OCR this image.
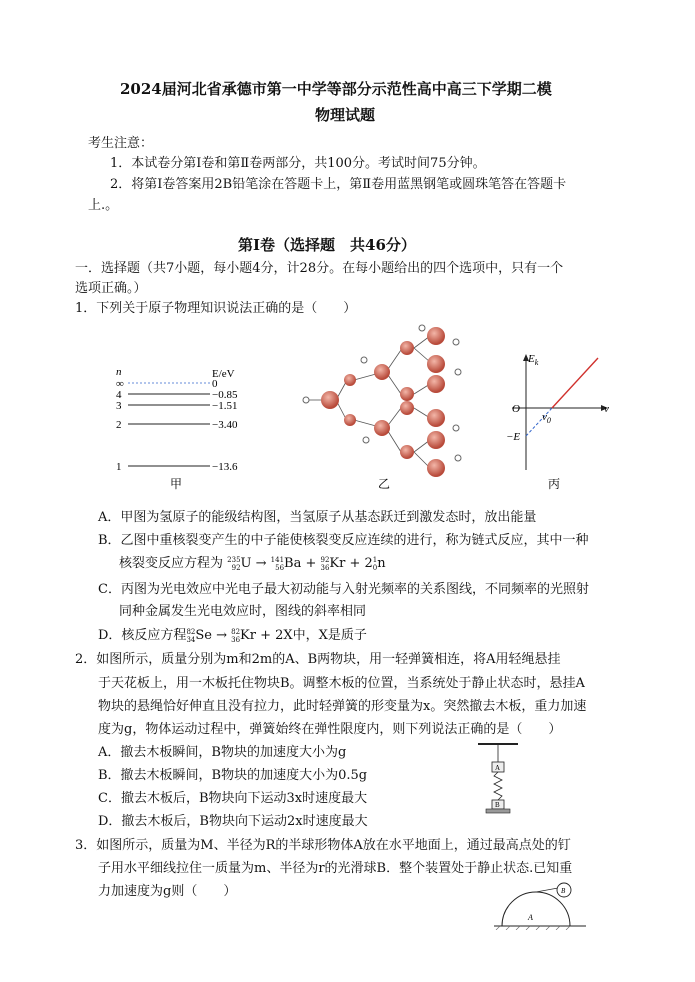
2024届河北省承德市第一中学等部分示范性高中高三下学期二模
物理试题
考生注意：
1．本试卷分第Ⅰ卷和第Ⅱ卷两部分，共100分。考试时间75分钟。
2．将第Ⅰ卷答案用2B铅笔涂在答题卡上，第Ⅱ卷用蓝黑钢笔或圆珠笔答在答题卡
上.。
第Ⅰ卷（选择题　共46分）
一．选择题（共7小题，每小题4分，计28分。在每小题给出的四个选项中，只有一个
选项正确。）
1．下列关于原子物理知识说法正确的是（　　）
n	E/eV
∞	0
4	−0.85
3	−1.51
2	−3.40
1	−13.6
甲	乙
$E_k$
v
O
$v_0$
−E
丙
A．甲图为氢原子的能级结构图，当氢原子从基态跃迁到激发态时，放出能量
B．乙图中重核裂变产生的中子能使核裂变反应连续的进行，称为链式反应，其中一种
核裂变反应方程为 235
92 U → 141
56 Ba + 92
36 Kr + 2 1
0 n
C．丙图为光电效应中光电子最大初动能与入射光频率的关系图线，不同频率的光照射
同种金属发生光电效应时，图线的斜率相同
D．核反应方程 82
34 Se → 82
36 Kr + 2X中，X是质子
2．如图所示，质量分别为m和2m的A、B两物块，用一轻弹簧相连，将A用轻绳悬挂
于天花板上，用一木板托住物块B。调整木板的位置，当系统处于静止状态时，悬挂A
物块的悬绳恰好伸直且没有拉力，此时轻弹簧的形变量为x。突然撤去木板，重力加速
度为g，物体运动过程中，弹簧始终在弹性限度内，则下列说法正确的是（　　）
A．撤去木板瞬间，B物块的加速度大小为g
B．撤去木板瞬间，B物块的加速度大小为0.5g
C．撤去木板后，B物块向下运动3x时速度最大
D．撤去木板后，B物块向下运动2x时速度最大
A
B
3．如图所示，质量为M、半径为R的半球形物体A放在水平地面上，通过最高点处的钉
子用水平细线拉住一质量为m、半径为r的光滑球B．整个装置处于静止状态.已知重
力加速度为g则（　　）
A
B
